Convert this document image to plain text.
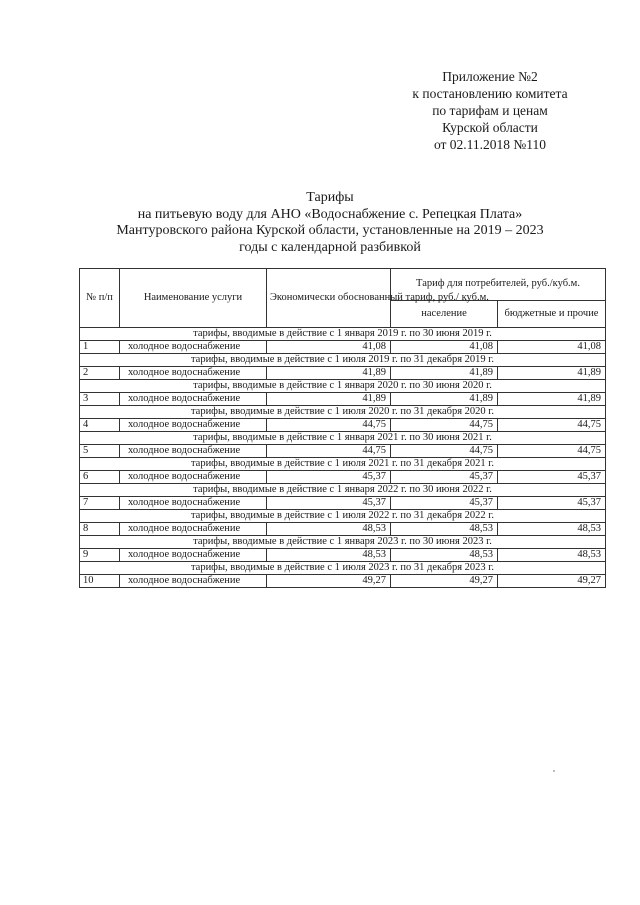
Приложение №2
к постановлению комитета
по тарифам и ценам
Курской области
от 02.11.2018 №110
Тарифы
на питьевую воду для АНО «Водоснабжение с. Репецкая Плата»
Мантуровского района Курской области, установленные на 2019 – 2023
годы с календарной разбивкой
№ п/п	Наименование услуги	Экономически обоснованный тариф, руб./ куб.м.	Тариф для потребителей, руб./куб.м.	
			население	бюджетные и прочие
тарифы, вводимые в действие с 1 января 2019 г. по 30 июня 2019 г.				
1	холодное водоснабжение	41,08	41,08	41,08
тарифы, вводимые в действие с 1 июля 2019 г. по 31 декабря 2019 г.				
2	холодное водоснабжение	41,89	41,89	41,89
тарифы, вводимые в действие с 1 января 2020 г. по 30 июня 2020 г.				
3	холодное водоснабжение	41,89	41,89	41,89
тарифы, вводимые в действие с 1 июля 2020 г. по 31 декабря 2020 г.				
4	холодное водоснабжение	44,75	44,75	44,75
тарифы, вводимые в действие с 1 января 2021 г. по 30 июня 2021 г.				
5	холодное водоснабжение	44,75	44,75	44,75
тарифы, вводимые в действие с 1 июля 2021 г. по 31 декабря 2021 г.				
6	холодное водоснабжение	45,37	45,37	45,37
тарифы, вводимые в действие с 1 января 2022 г. по 30 июня 2022 г.				
7	холодное водоснабжение	45,37	45,37	45,37
тарифы, вводимые в действие с 1 июля 2022 г. по 31 декабря 2022 г.				
8	холодное водоснабжение	48,53	48,53	48,53
тарифы, вводимые в действие с 1 января 2023 г. по 30 июня 2023 г.				
9	холодное водоснабжение	48,53	48,53	48,53
тарифы, вводимые в действие с 1 июля 2023 г. по 31 декабря 2023 г.				
10	холодное водоснабжение	49,27	49,27	49,27
